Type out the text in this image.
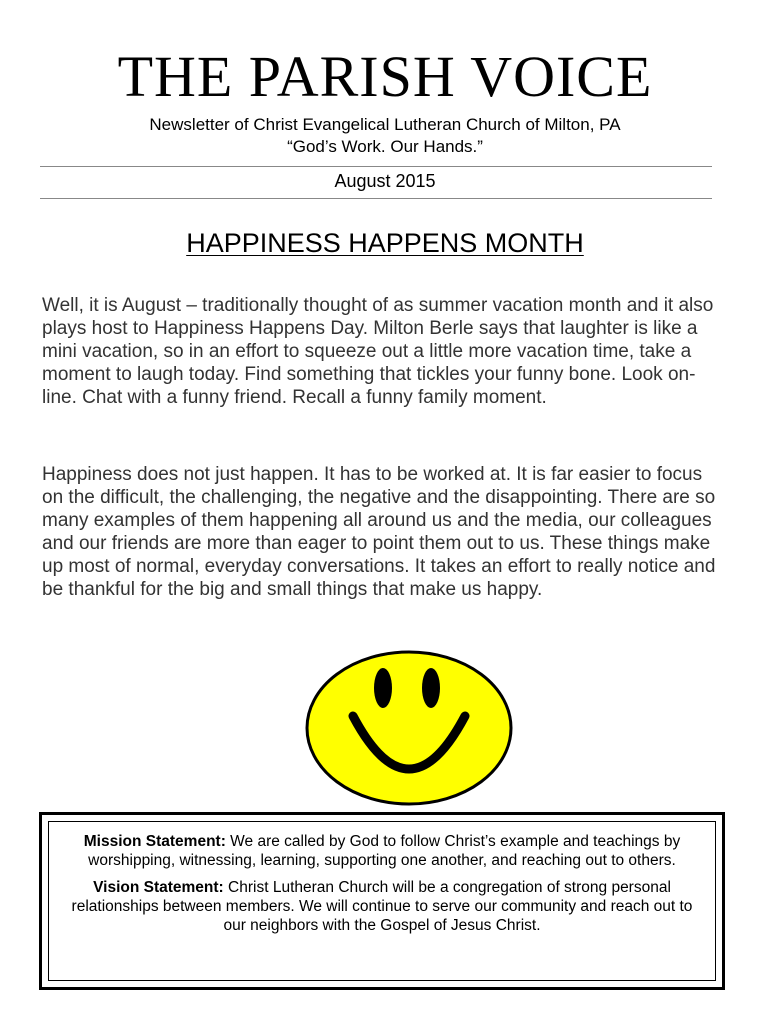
THE PARISH VOICE
Newsletter of Christ Evangelical Lutheran Church of Milton, PA
“God’s Work. Our Hands.”
August 2015
HAPPINESS HAPPENS MONTH
Well, it is August – traditionally thought of as summer vacation month and it also plays host to Happiness Happens Day. Milton Berle says that laughter is like a mini vacation, so in an effort to squeeze out a little more vacation time, take a moment to laugh today. Find something that tickles your funny bone. Look on-line. Chat with a funny friend. Recall a funny family moment.
Happiness does not just happen. It has to be worked at. It is far easier to focus on the difficult, the challenging, the negative and the disappointing. There are so many examples of them happening all around us and the media, our colleagues and our friends are more than eager to point them out to us. These things make up most of normal, everyday conversations. It takes an effort to really notice and be thankful for the big and small things that make us happy.

Mission Statement: We are called by God to follow Christ’s example and teachings by worshipping, witnessing, learning, supporting one another, and reaching out to others.

Vision Statement: Christ Lutheran Church will be a congregation of strong personal relationships between members. We will continue to serve our community and reach out to our neighbors with the Gospel of Jesus Christ.
